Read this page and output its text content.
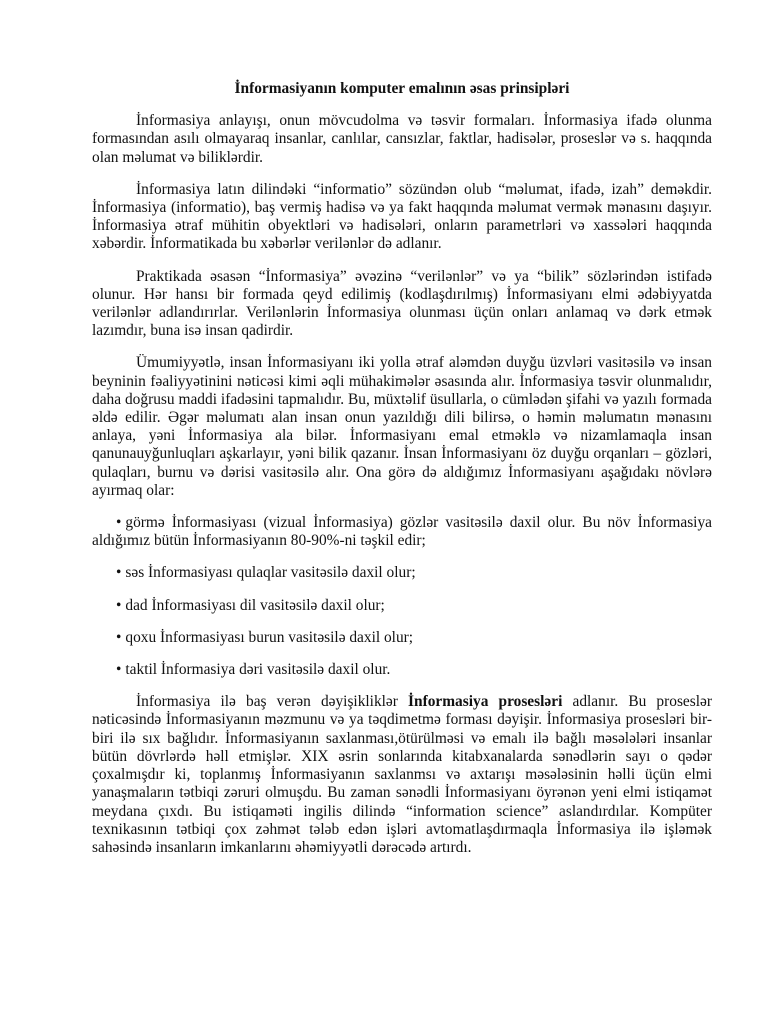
İnformasiyanın komputer emalının əsas prinsipləri

İnformasiya anlayışı, onun mövcudolma və təsvir formaları. İnformasiya ifadə olunma formasından asılı olmayaraq insanlar, canlılar, cansızlar, faktlar, hadisələr, proseslər və s. haqqında olan məlumat və biliklərdir.

İnformasiya latın dilindəki “informatio” sözündən olub “məlumat, ifadə, izah” deməkdir. İnformasiya (informatio), baş vermiş hadisə və ya fakt haqqında məlumat vermək mənasını daşıyır. İnformasiya ətraf mühitin obyektləri və hadisələri, onların parametrləri və xassələri haqqında xəbərdir. İnformatikada bu xəbərlər verilənlər də adlanır.

Praktikada əsasən “İnformasiya” əvəzinə “verilənlər” və ya “bilik” sözlərindən istifadə olunur. Hər hansı bir formada qeyd edilimiş (kodlaşdırılmış) İnformasiyanı elmi ədəbiyyatda verilənlər adlandırırlar. Verilənlərin İnformasiya olunması üçün onları anlamaq və dərk etmək lazımdır, buna isə insan qadirdir.

Ümumiyyətlə, insan İnformasiyanı iki yolla ətraf aləmdən duyğu üzvləri vasitəsilə və insan beyninin fəaliyyətinini nəticəsi kimi əqli mühakimələr əsasında alır. İnformasiya təsvir olunmalıdır, daha doğrusu maddi ifadəsini tapmalıdır. Bu, müxtəlif üsullarla, o cümlədən şifahi və yazılı formada əldə edilir. Əgər məlumatı alan insan onun yazıldığı dili bilirsə, o həmin məlumatın mənasını anlaya, yəni İnformasiya ala bilər. İnformasiyanı emal etməklə və nizamlamaqla insan qanunauyğunluqları aşkarlayır, yəni bilik qazanır. İnsan İnformasiyanı öz duyğu orqanları – gözləri, qulaqları, burnu və dərisi vasitəsilə alır. Ona görə də aldığımız İnformasiyanı aşağıdakı növlərə ayırmaq olar:

• görmə İnformasiyası (vizual İnformasiya) gözlər vasitəsilə daxil olur. Bu növ İnformasiya aldığımız bütün İnformasiyanın 80-90%-ni təşkil edir;

• səs İnformasiyası qulaqlar vasitəsilə daxil olur;
• dad İnformasiyası dil vasitəsilə daxil olur;
• qoxu İnformasiyası burun vasitəsilə daxil olur;
• taktil İnformasiya dəri vasitəsilə daxil olur.

İnformasiya ilə baş verən dəyişikliklər İnformasiya prosesləri adlanır. Bu proseslər nəticəsində İnformasiyanın məzmunu və ya təqdimetmə forması dəyişir. İnformasiya prosesləri bir-biri ilə sıx bağlıdır. İnformasiyanın saxlanması,ötürülməsi və emalı ilə bağlı məsələləri insanlar bütün dövrlərdə həll etmişlər. XIX əsrin sonlarında kitabxanalarda sənədlərin sayı o qədər çoxalmışdır ki, toplanmış İnformasiyanın saxlanmsı və axtarışı məsələsinin həlli üçün elmi yanaşmaların tətbiqi zəruri olmuşdu. Bu zaman sənədli İnformasiyanı öyrənən yeni elmi istiqamət meydana çıxdı. Bu istiqaməti ingilis dilində “information science” aslandırdılar. Kompüter texnikasının tətbiqi çox zəhmət tələb edən işləri avtomatlaşdırmaqla İnformasiya ilə işləmək sahəsində insanların imkanlarını əhəmiyyətli dərəcədə artırdı.
